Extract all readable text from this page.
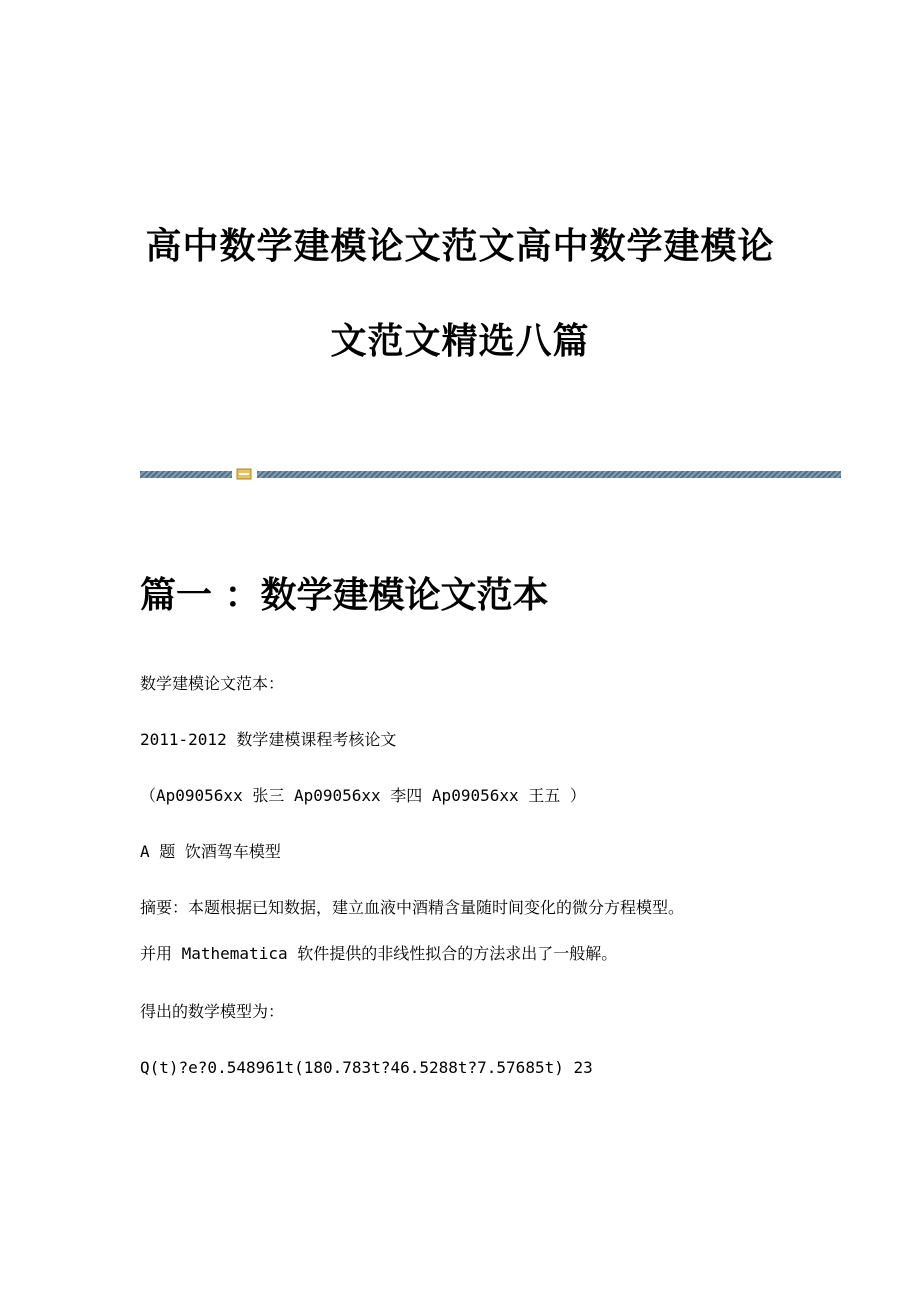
高中数学建模论文范文高中数学建模论
文范文精选八篇
篇一 ：数学建模论文范本
数学建模论文范本：
2011-2012 数学建模课程考核论文
（Ap09056xx 张三 Ap09056xx 李四 Ap09056xx 王五 ）
A 题 饮酒驾车模型
摘要：本题根据已知数据，建立血液中酒精含量随时间变化的微分方程模型。
并用 Mathematica 软件提供的非线性拟合的方法求出了一般解。
得出的数学模型为：
Q(t)?e?0.548961t(180.783t?46.5288t?7.57685t) 23
